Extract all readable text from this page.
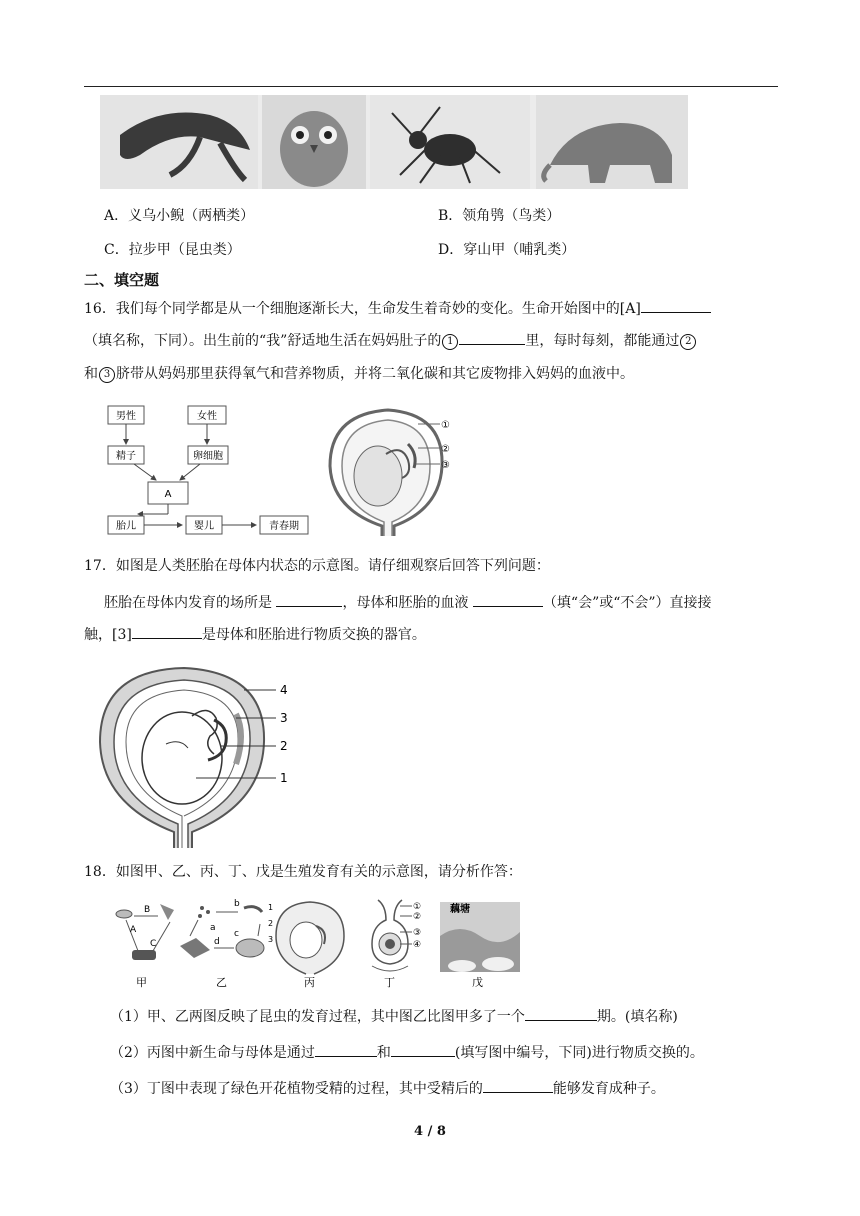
A．义乌小鲵（两栖类）	B．领角鸮（鸟类）
C．拉步甲（昆虫类）	D．穿山甲（哺乳类）
二、填空题
16．我们每个同学都是从一个细胞逐渐长大，生命发生着奇妙的变化。生命开始图中的[A]
（填名称，下同）。出生前的“我”舒适地生活在妈妈肚子的 1	里，每时每刻，都能通过 2
和 3 脐带从妈妈那里获得氧气和营养物质，并将二氧化碳和其它废物排入妈妈的血液中。
男性	女性
精子	卵细胞
A
胎儿	婴儿	青春期
①
②
③
17．如图是人类胚胎在母体内状态的示意图。请仔细观察后回答下列问题：
胚胎在母体内发育的场所是	，母体和胚胎的血液	（填“会”或“不会”）直接接
触，[3]	是母体和胚胎进行物质交换的器官。
4
3
2
1
18．如图甲、乙、丙、丁、戊是生殖发育有关的示意图，请分析作答：
A
B
C
甲
a
b
c
d
乙
1
2
3
丙
①
②
③
④
丁
藕塘
戊
（1）甲、乙两图反映了昆虫的发育过程，其中图乙比图甲多了一个	期。(填名称)
（2）丙图中新生命与母体是通过	和	(填写图中编号，下同)进行物质交换的。
（3）丁图中表现了绿色开花植物受精的过程，其中受精后的	能够发育成种子。
4 / 8
